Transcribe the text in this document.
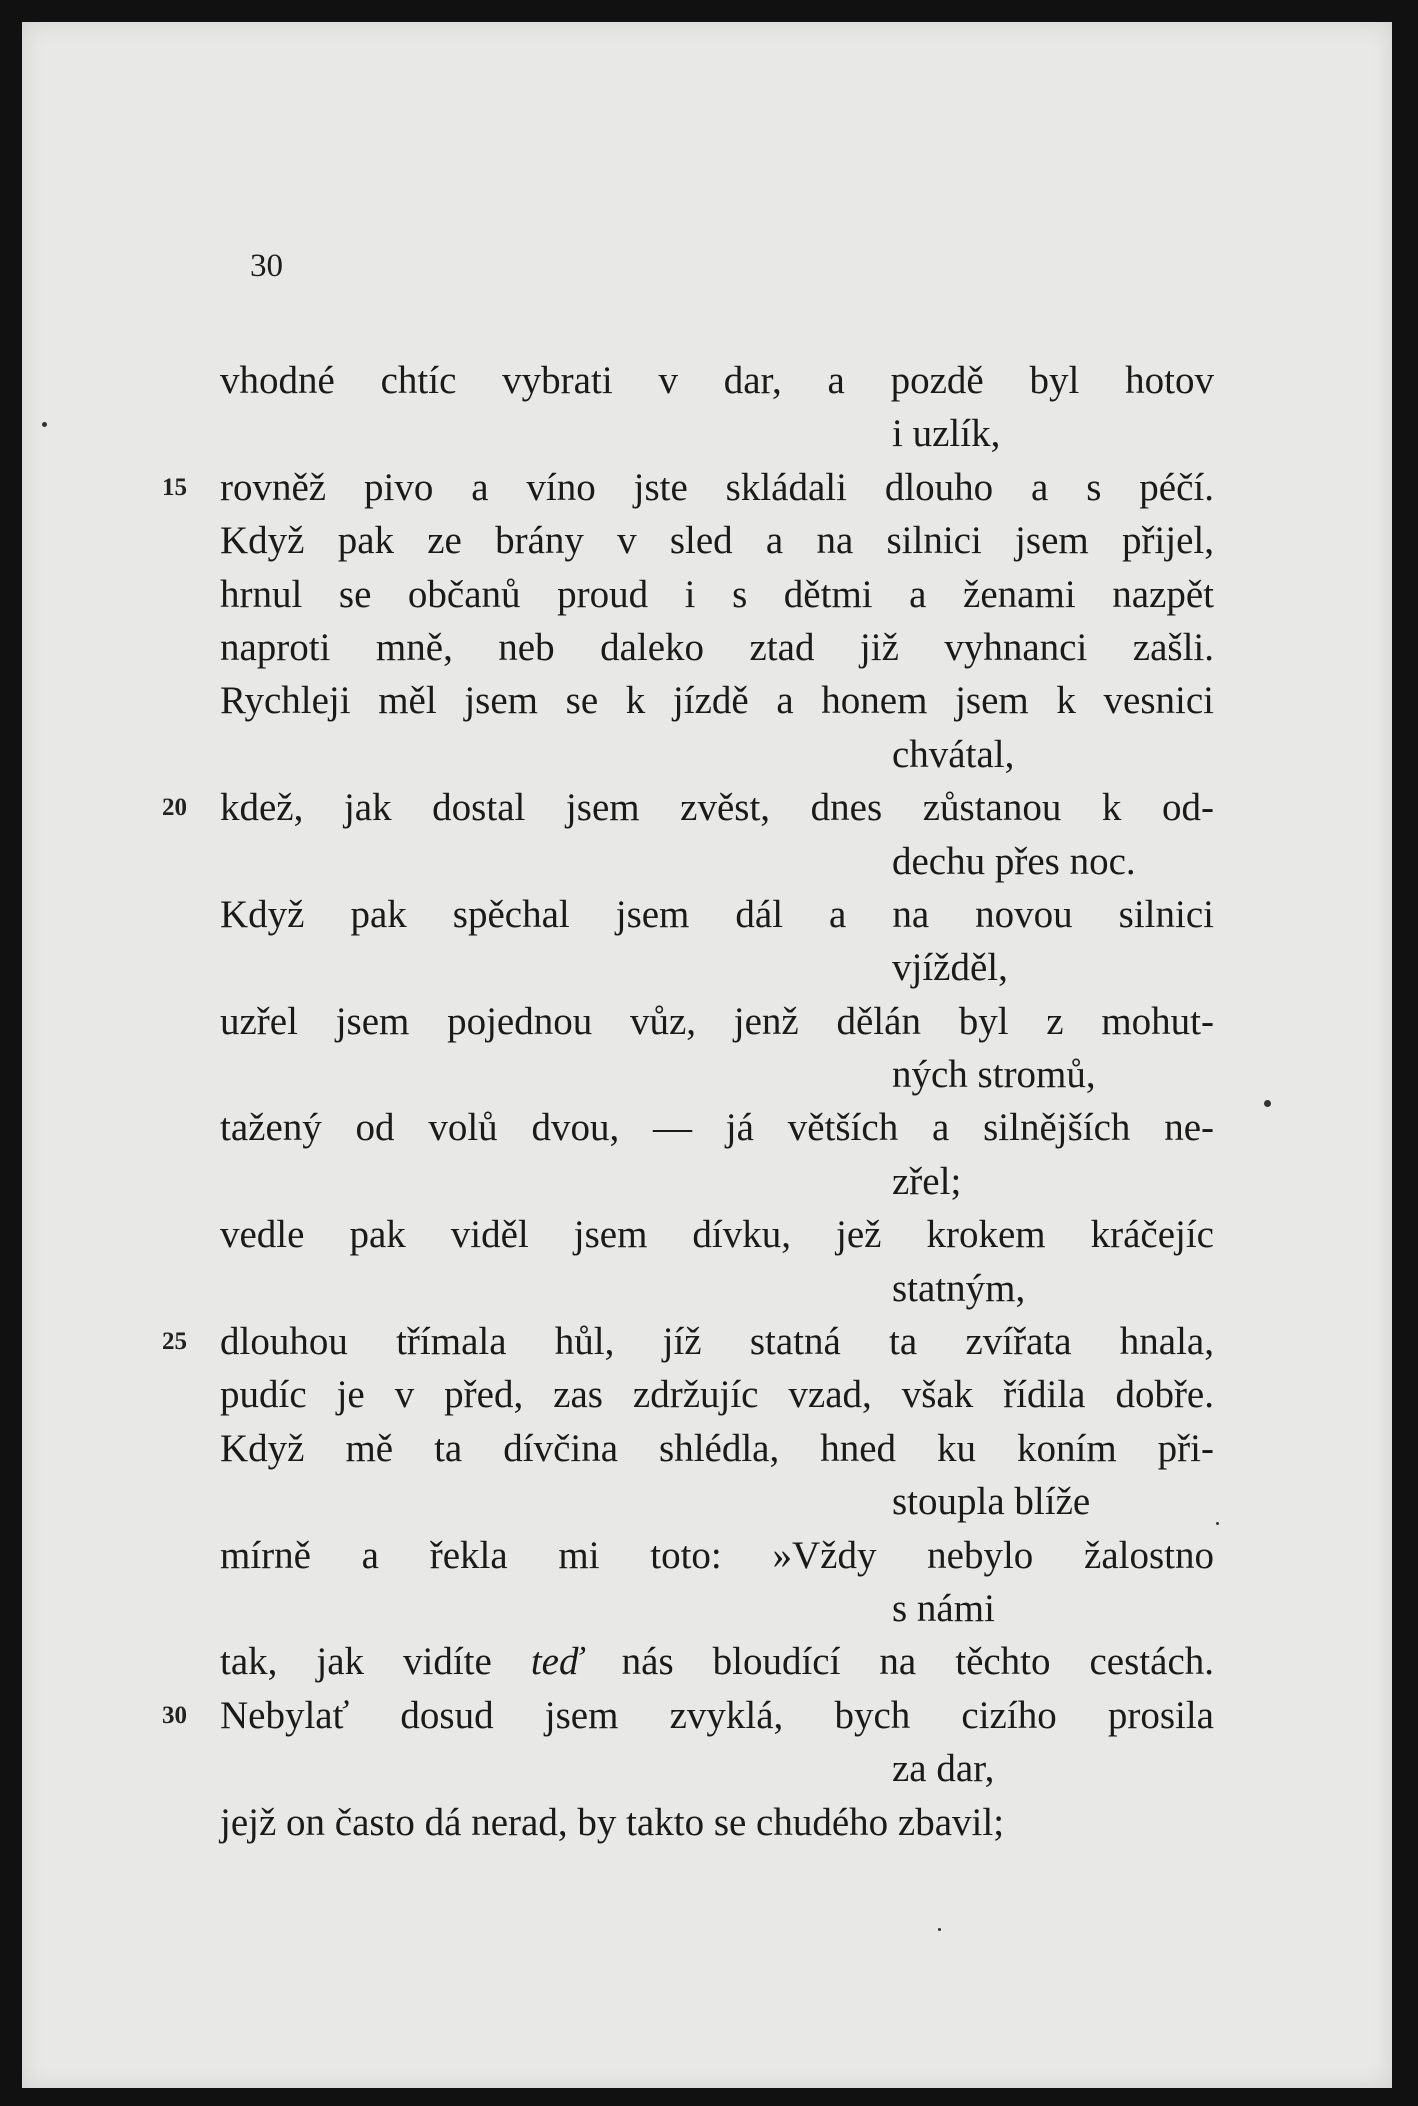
30
vhodné chtíc vybrati v dar, a pozdě byl hotov
i uzlík,
15 rovněž pivo a víno jste skládali dlouho a s péčí.
Když pak ze brány v sled a na silnici jsem přijel,
hrnul se občanů proud i s dětmi a ženami nazpět
naproti mně, neb daleko ztad již vyhnanci zašli.
Rychleji měl jsem se k jízdě a honem jsem k vesnici
chvátal,
20 kdež, jak dostal jsem zvěst, dnes zůstanou k od-
dechu přes noc.
Když pak spěchal jsem dál a na novou silnici
vjížděl,
uzřel jsem pojednou vůz, jenž dělán byl z mohut-
ných stromů,
tažený od volů dvou, — já větších a silnějších ne-
zřel;
vedle pak viděl jsem dívku, jež krokem kráčejíc
statným,
25 dlouhou třímala hůl, jíž statná ta zvířata hnala,
pudíc je v před, zas zdržujíc vzad, však řídila dobře.
Když mě ta dívčina shlédla, hned ku koním při-
stoupla blíže
mírně a řekla mi toto: »Vždy nebylo žalostno
s námi
tak, jak vidíte teď nás bloudící na těchto cestách.
30 Nebylať dosud jsem zvyklá, bych cizího prosila
za dar,
jejž on často dá nerad, by takto se chudého zbavil;
